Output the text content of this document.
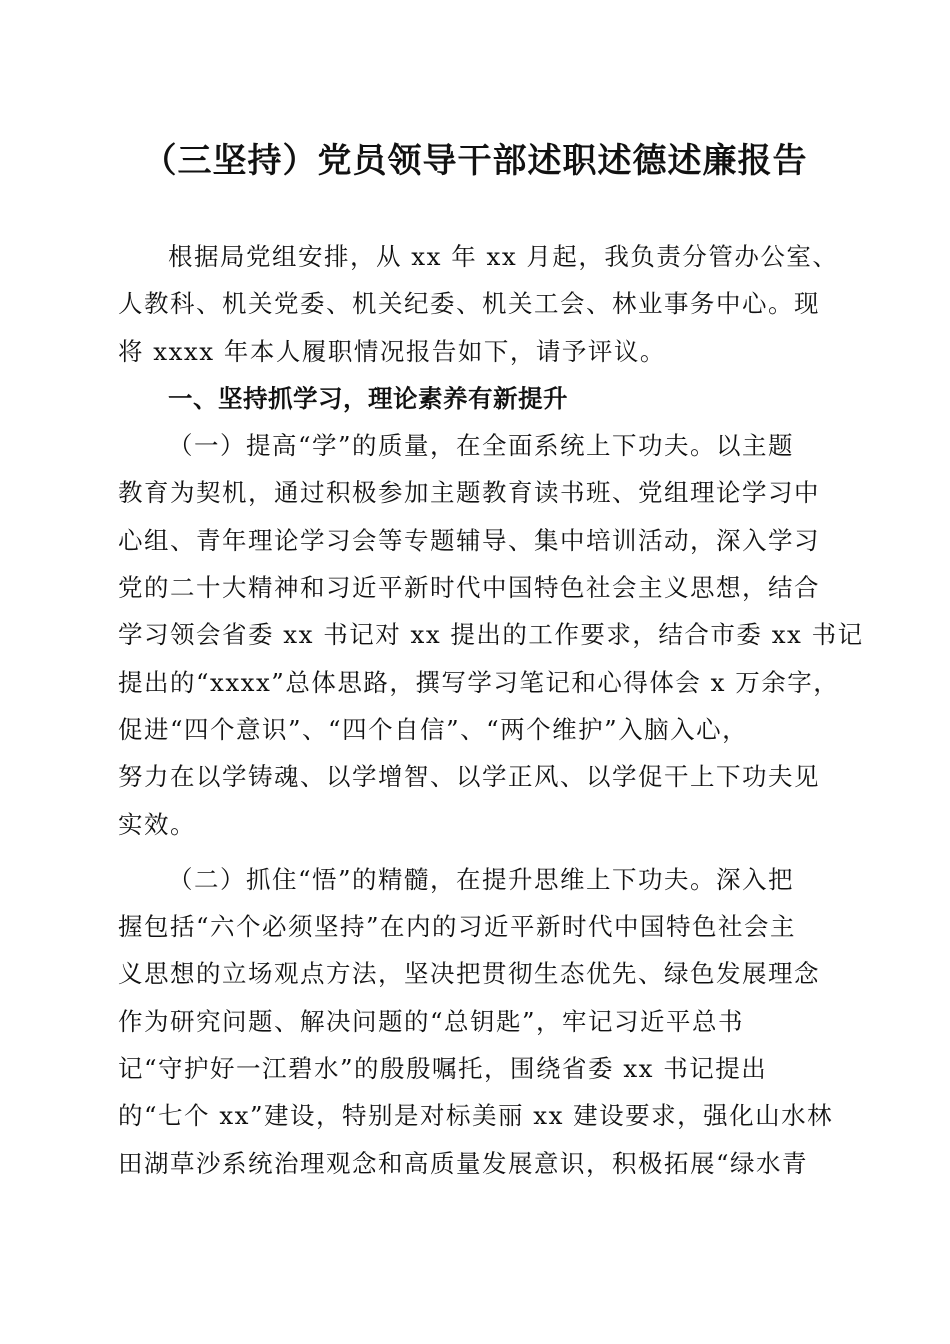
（三坚持）党员领导干部述职述德述廉报告
根据局党组安排，从 xx 年 xx 月起，我负责分管办公室、
人教科、机关党委、机关纪委、机关工会、林业事务中心。现
将 xxxx 年本人履职情况报告如下，请予评议。
一、坚持抓学习，理论素养有新提升
（一）提高“学”的质量，在全面系统上下功夫。以主题
教育为契机，通过积极参加主题教育读书班、党组理论学习中
心组、青年理论学习会等专题辅导、集中培训活动，深入学习
党的二十大精神和习近平新时代中国特色社会主义思想，结合
学习领会省委 xx 书记对 xx 提出的工作要求，结合市委 xx 书记
提出的“xxxx”总体思路，撰写学习笔记和心得体会 x 万余字，
促进“四个意识”、“四个自信”、“两个维护”入脑入心，
努力在以学铸魂、以学增智、以学正风、以学促干上下功夫见
实效。
（二）抓住“悟”的精髓，在提升思维上下功夫。深入把
握包括“六个必须坚持”在内的习近平新时代中国特色社会主
义思想的立场观点方法，坚决把贯彻生态优先、绿色发展理念
作为研究问题、解决问题的“总钥匙”，牢记习近平总书
记“守护好一江碧水”的殷殷嘱托，围绕省委 xx 书记提出
的“七个 xx”建设，特别是对标美丽 xx 建设要求，强化山水林
田湖草沙系统治理观念和高质量发展意识，积极拓展“绿水青
